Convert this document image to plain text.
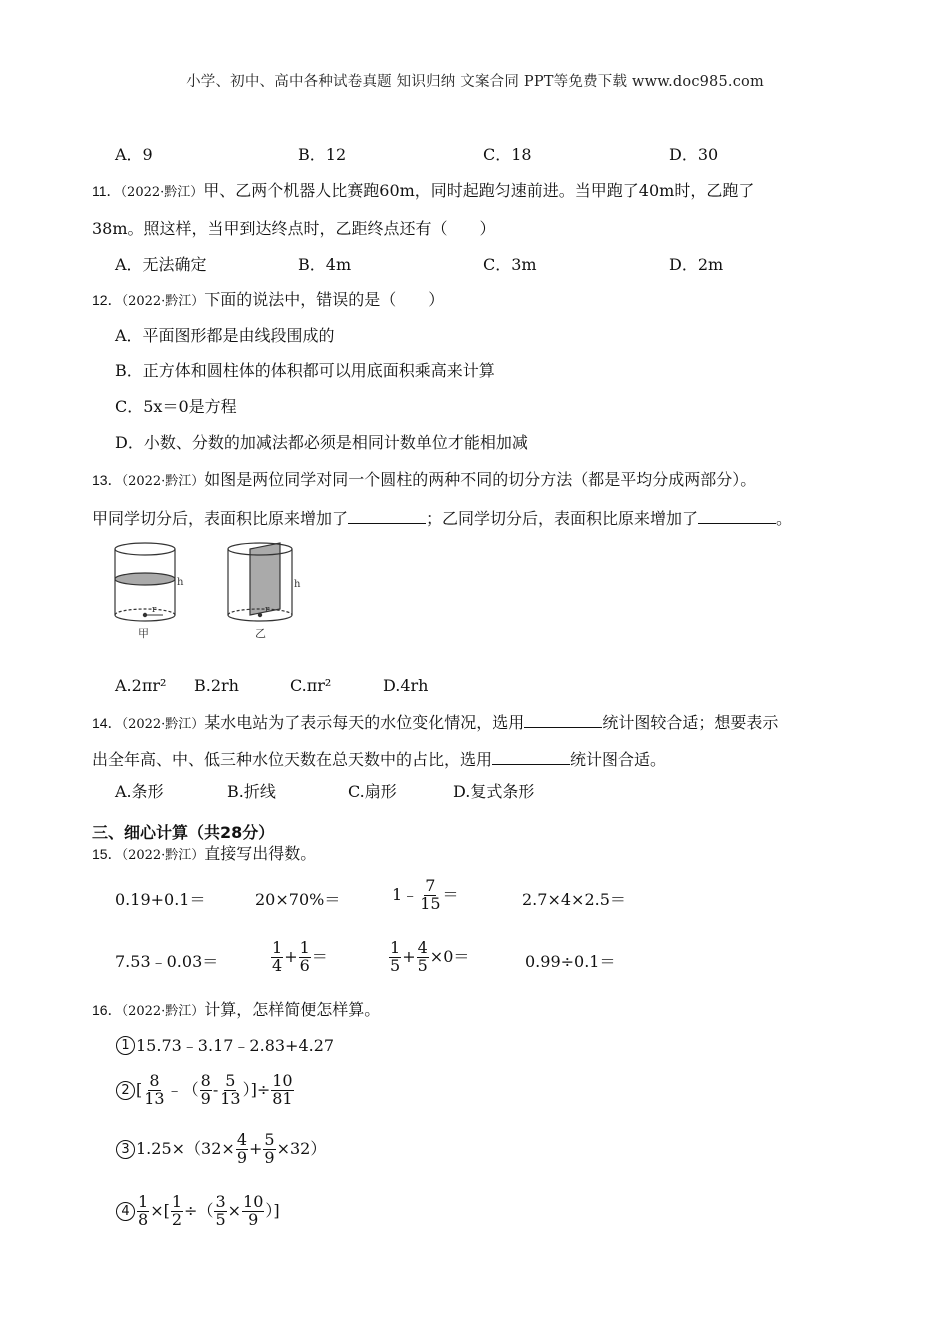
小学、初中、高中各种试卷真题 知识归纳 文案合同 PPT等免费下载 www.doc985.com
A．9	B．12	C．18	D．30
11．（2022·黔江）甲、乙两个机器人比赛跑60m，同时起跑匀速前进。当甲跑了40m时，乙跑了
38m。照这样，当甲到达终点时，乙距终点还有（　　）
A．无法确定	B．4m	C．3m	D．2m
12．（2022·黔江）下面的说法中，错误的是（　　）
A．平面图形都是由线段围成的
B．正方体和圆柱体的体积都可以用底面积乘高来计算
C．5x＝0是方程
D．小数、分数的加减法都必须是相同计数单位才能相加减
13．（2022·黔江）如图是两位同学对同一个圆柱的两种不同的切分方法（都是平均分成两部分）。
甲同学切分后，表面积比原来增加了	；乙同学切分后，表面积比原来增加了	。
h
r
甲
h
r
乙
A.2πr² B.2rh	C.πr²	D.4rh
14．（2022·黔江）某水电站为了表示每天的水位变化情况，选用	统计图较合适；想要表示
出全年高、中、低三种水位天数在总天数中的占比，选用	统计图合适。
A.条形	B.折线	C.扇形	D.复式条形
三、细心计算（共28分）
15．（2022·黔江）直接写出得数。
0.19+0.1＝	20×70%＝	1﹣ $\frac{7}{15}$ ＝	2.7×4×2.5＝
7.53﹣0.03＝	$\frac{1}{4} + \frac{1}{6}$ ＝	$\frac{1}{5} + \frac{4}{5} \times 0=$	0.99÷0.1＝
16．（2022·黔江）计算，怎样简便怎样算。
1 15.73﹣3.17﹣2.83+4.27
2 [ $\frac{8}{13}$ ﹣（ $\frac{8}{9} - \frac{5}{13}$ ）]÷ $\frac{10}{81}$
3 $1.25\times(32\times \frac{4}{9} + \frac{5}{9} \times 32)$
$4 \frac{1}{8}$ ×[ $\frac{1}{2}$ ÷（ $\frac{3}{5} \times \frac{10}{9}$ ）]
